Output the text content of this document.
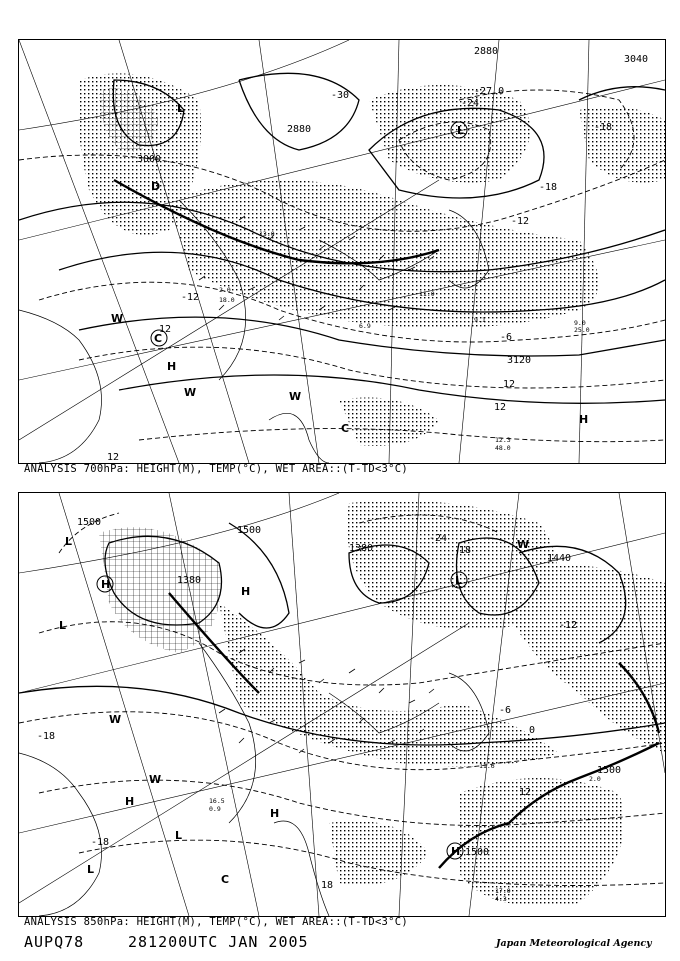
2880
3000
2880
3040
3120
-30
-24
-18
-12
-6
-18
-12
12
12
12
12
-27.0
L
L
C
D
W
W
H
W
H
C
12.3
48.0
9.0
25.0
13.0
2.0
18.0
6.9
11.0
9.1
ANALYSIS 700hPa: HEIGHT(M), TEMP(°C), WET AREA::(T-TD<3°C)
1500
1500
1380
1380
1500
1500
1440
-18
-18
-12
-6
0
12
18
18
-24
L
H
H
L
W
W
H
L
H
L
C
H
L
W
17.0
4.3
16.5
0.9
2.0
11.6
ANALYSIS 850hPa: HEIGHT(M), TEMP(°C), WET AREA::(T-TD<3°C)
AUPQ78	281200UTC JAN 2005	Japan Meteorological Agency
